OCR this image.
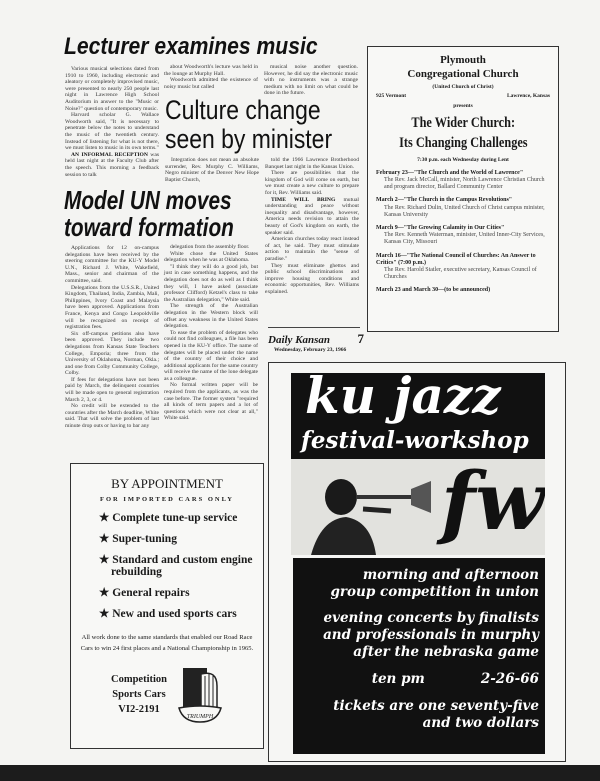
Lecturer examines music

Various musical selections dated from 1910 to 1960, including electronic and aleatory or completely improvised music, were presented to nearly 250 people last night in Lawrence High School Auditorium in answer to the "Music or Noise?" question of contemporary music.

Harvard scholar G. Wallace Woodworth said, "It is necessary to penetrate below the notes to understand the music of the twentieth century. Instead of listening for what is not there, we must listen to music in its own terms."

AN INFORMAL RECEPTION was held last night at the Faculty Club after the speech. This morning a feedback session to talk

about Woodworth's lecture was held in the lounge at Murphy Hall.

Woodworth admitted the existence of noisy music but called

musical noise another question. However, he did say the electronic music with no instruments was a strange medium with no limit on what could be done in the future.

Culture change
seen by minister

Integration does not mean an absolute surrender, Rev. Murphy C. Williams, Negro minister of the Denver New Hope Baptist Church,

told the 1966 Lawrence Brotherhood Banquet last night in the Kansas Union.

There are possibilities that the kingdom of God will come on earth, but we must create a new culture to prepare for it, Rev. Williams said.

TIME WILL BRING mutual understanding and peace without inequality and disadvantage, however, America needs revision to attain the beauty of God's kingdom on earth, the speaker said.

American churches today react instead of act, he said. They must stimulate action to maintain the "sense of paradise."

They must eliminate ghettos and public school discriminations and improve housing conditions and economic opportunities, Rev. Williams explained.

Model UN moves
toward formation

Applications for 12 on-campus delegations have been received by the steering committee for the KU-Y Model U.N., Richard J. White, Wakefield, Mass., senior and chairman of the committee, said.

Delegations from the U.S.S.R., United Kingdom, Thailand, India, Zambia, Mali, Philippines, Ivory Coast and Malaysia have been approved. Applications from France, Kenya and Congo Leopoldville will be recognized on receipt of registration fees.

Six off-campus petitions also have been approved. They include two delegations from Kansas State Teachers College, Emporia; three from the University of Oklahoma, Norman, Okla.; and one from Colby Community College, Colby.

If fees for delegations have not been paid by March, the delinquent countries will be made open to general registration March 2, 3, or 4.

No credit will be extended to the countries after the March deadline, White said. That will solve the problem of last minute drop outs or having to bar any

delegation from the assembly floor.

White chose the United States delegation when he was at Oklahoma.

"I think they will do a good job, but just in case something happens, and the delegation does not do as well as I think they will, I have asked (associate professor Clifford) Ketzel's class to take the Australian delegation," White said.

The strength of the Australian delegation in the Western block will offset any weakness in the United States delegation.

To ease the problem of delegates who could not find colleagues, a file has been opened in the KU-Y office. The name of delegates will be placed under the name of the country of their choice and additional applicants for the same country will receive the name of the lone delegate as a colleague.

No formal written paper will be required from the applicants, as was the case before. The former system "required all kinds of term papers and a lot of questions which were not clear at all," White said.

Daily Kansan 7
Wednesday, February 23, 1966
Plymouth
Congregational Church
(United Church of Christ)
925 Vermont	Lawrence, Kansas
presents
The Wider Church:
Its Changing Challenges
7:30 p.m. each Wednesday during Lent
February 23—"The Church and the World of Lawrence"
The Rev. Jack McCall, minister, North Lawrence Christian Church and program director, Ballard Community Center
March 2—"The Church in the Campus Revolutions"
The Rev. Richard Dulin, United Church of Christ campus minister, Kansas University
March 9—"The Growing Calamity in Our Cities"
The Rev. Kenneth Waterman, minister, United Inner-City Services, Kansas City, Missouri
March 16—"The National Council of Churches: An Answer to Critics" (7:00 p.m.)
The Rev. Harold Statler, executive secretary, Kansas Council of Churches
March 23 and March 30—(to be announced)
BY APPOINTMENT
FOR IMPORTED CARS ONLY
★ Complete tune-up service
★ Super-tuning
★ Standard and custom engine rebuilding
★ General repairs
★ New and used sports cars
All work done to the same standards that enabled our Road Race Cars to win 24 first places and a National Championship in 1965.
Competition
Sports Cars
VI2-2191
TRIUMPH
ku jazz
festival-workshop
fw
morning and afternoon
group competition in union
evening concerts by finalists
and professionals in murphy
after the nebraska game
ten pm	2-26-66
tickets are one seventy-five
and two dollars
